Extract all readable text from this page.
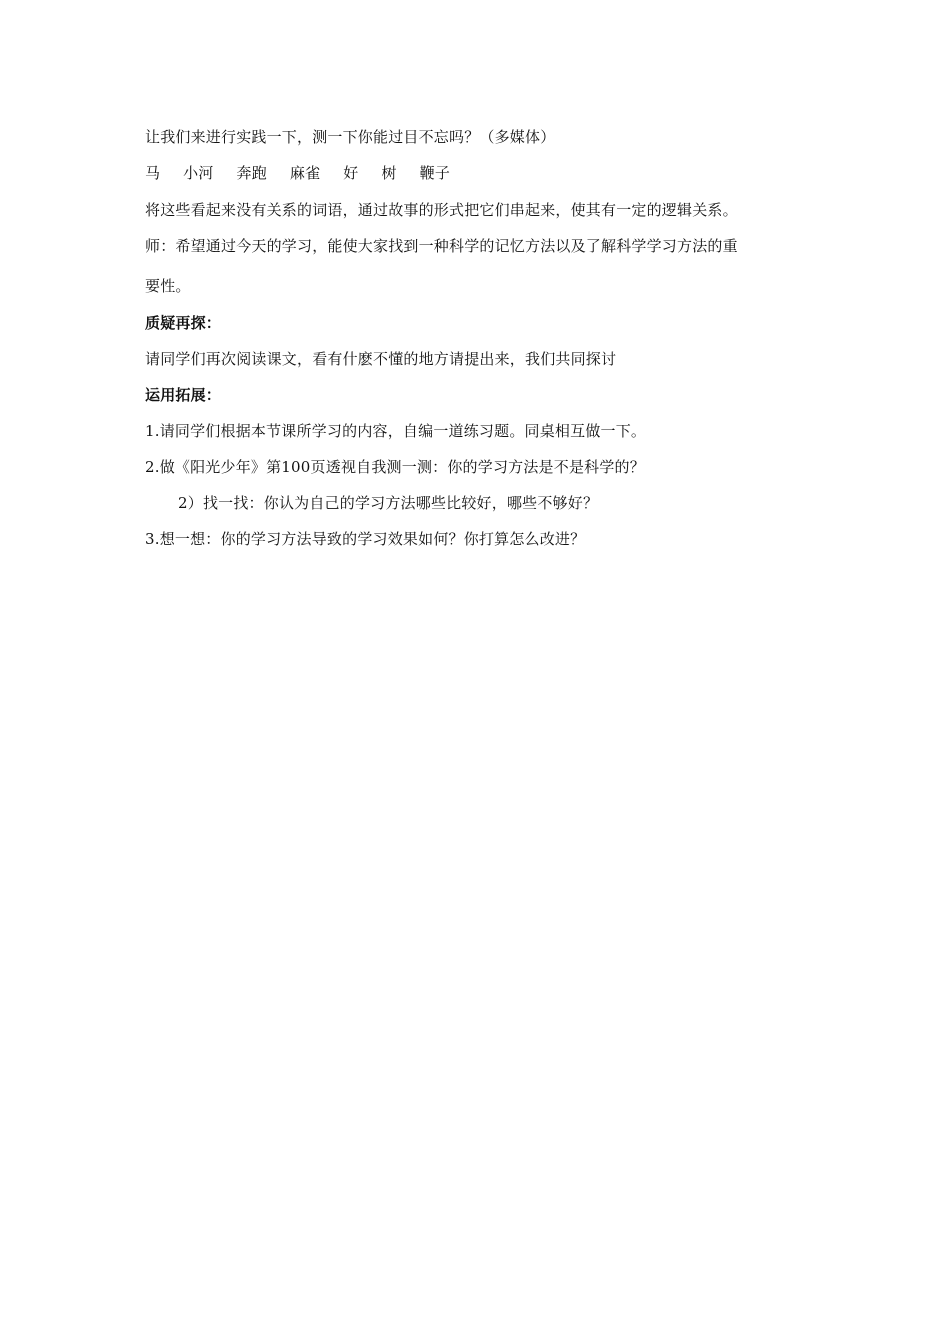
让我们来进行实践一下，测一下你能过目不忘吗？（多媒体）
马 小河 奔跑 麻雀 好 树 鞭子
将这些看起来没有关系的词语，通过故事的形式把它们串起来，使其有一定的逻辑关系。
师：希望通过今天的学习，能使大家找到一种科学的记忆方法以及了解科学学习方法的重
要性。
质疑再探：
请同学们再次阅读课文，看有什麽不懂的地方请提出来，我们共同探讨
运用拓展：
1.请同学们根据本节课所学习的内容，自编一道练习题。同桌相互做一下。
2.做《阳光少年》第100页透视自我测一测：你的学习方法是不是科学的？
2）找一找：你认为自己的学习方法哪些比较好，哪些不够好？
3.想一想：你的学习方法导致的学习效果如何？你打算怎么改进？
